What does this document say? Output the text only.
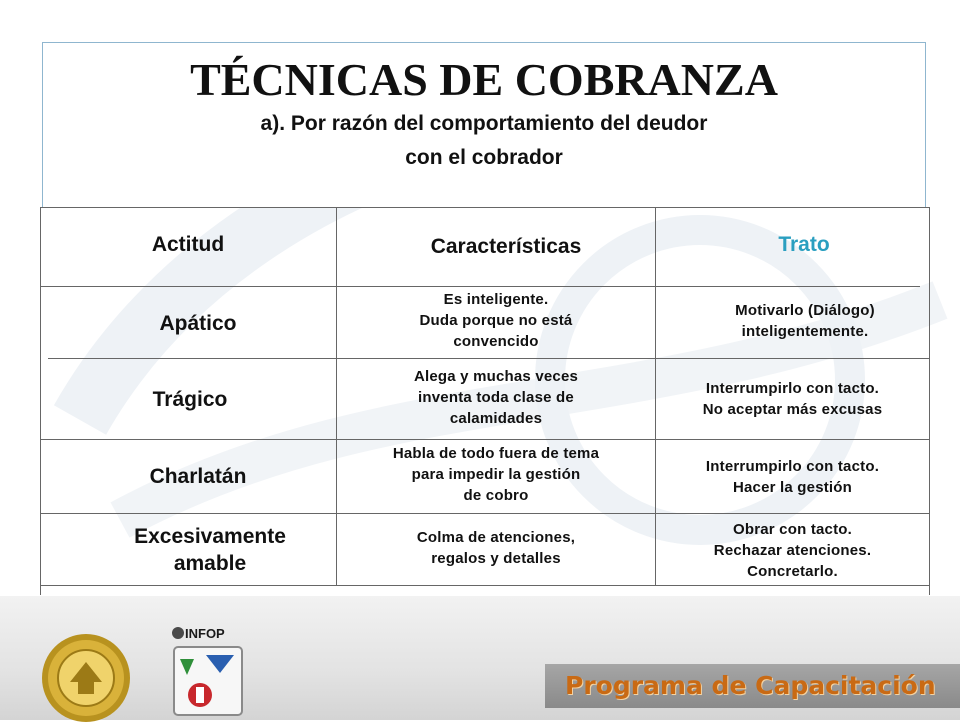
TÉCNICAS DE COBRANZA
a). Por razón del comportamiento del deudor
con el cobrador
Actitud	Características	Trato
Apático
Es inteligente.
Duda porque no está
convencido
Motivarlo (Diálogo)
inteligentemente.
Trágico
Alega y muchas veces
inventa toda clase de
calamidades
Interrumpirlo con tacto.
No aceptar más excusas
Charlatán
Habla de todo fuera de tema
para impedir la gestión
de cobro
Interrumpirlo con tacto.
Hacer la gestión
Excesivamente
amable
Colma de atenciones,
regalos y detalles
Obrar con tacto.
Rechazar atenciones.
Concretarlo.
Programa de Capacitación
INFOP
